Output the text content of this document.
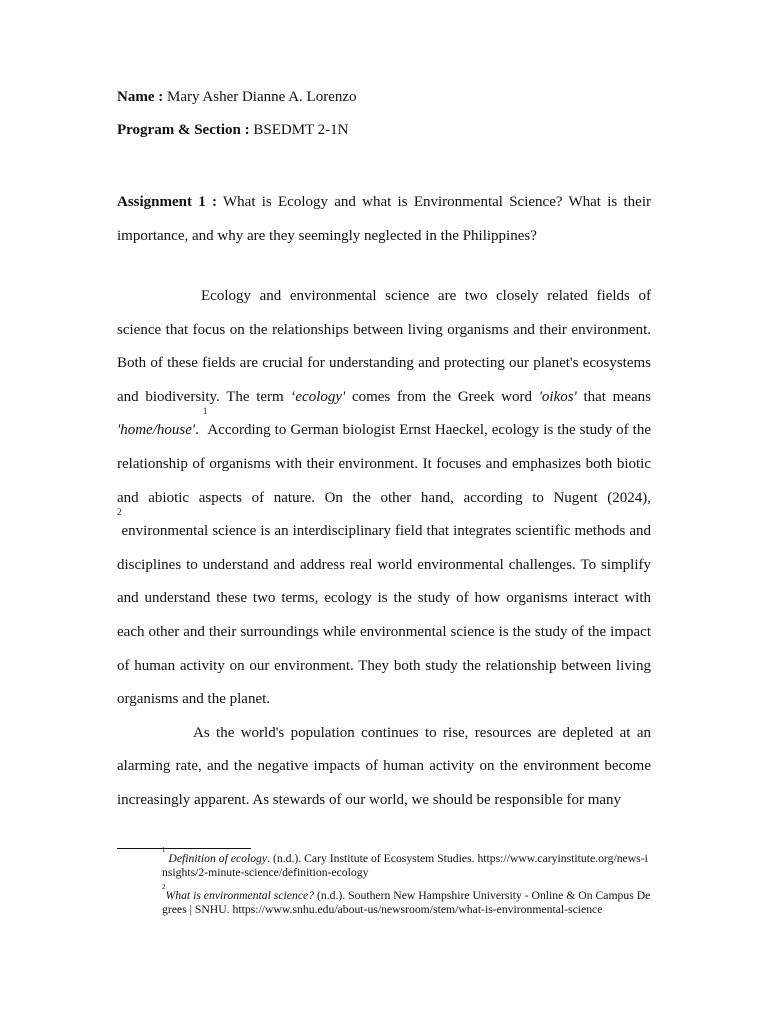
Name : Mary Asher Dianne A. Lorenzo
Program & Section : BSEDMT 2-1N
Assignment 1 : What is Ecology and what is Environmental Science? What is their importance, and why are they seemingly neglected in the Philippines?

Ecology and environmental science are two closely related fields of science that focus on the relationships between living organisms and their environment. Both of these fields are crucial for understanding and protecting our planet's ecosystems and biodiversity. The term ‘ecology' comes from the Greek word 'oikos' that means 'home/house'. $^1$According to German biologist Ernst Haeckel, ecology is the study of the relationship of organisms with their environment. It focuses and emphasizes both biotic and abiotic aspects of nature. On the other hand, according to Nugent (2024), $^2$environmental science is an interdisciplinary field that integrates scientific methods and disciplines to understand and address real world environmental challenges. To simplify and understand these two terms, ecology is the study of how organisms interact with each other and their surroundings while environmental science is the study of the impact of human activity on our environment. They both study the relationship between living organisms and the planet.

As the world's population continues to rise, resources are depleted at an alarming rate, and the negative impacts of human activity on the environment become increasingly apparent. As stewards of our world, we should be responsible for many

$^1$ Definition of ecology. (n.d.). Cary Institute of Ecosystem Studies. https://www.caryinstitute.org/news-insights/2-minute-science/definition-ecology

$^2$What is environmental science? (n.d.). Southern New Hampshire University - Online & On Campus Degrees | SNHU. https://www.snhu.edu/about-us/newsroom/stem/what-is-environmental-science
